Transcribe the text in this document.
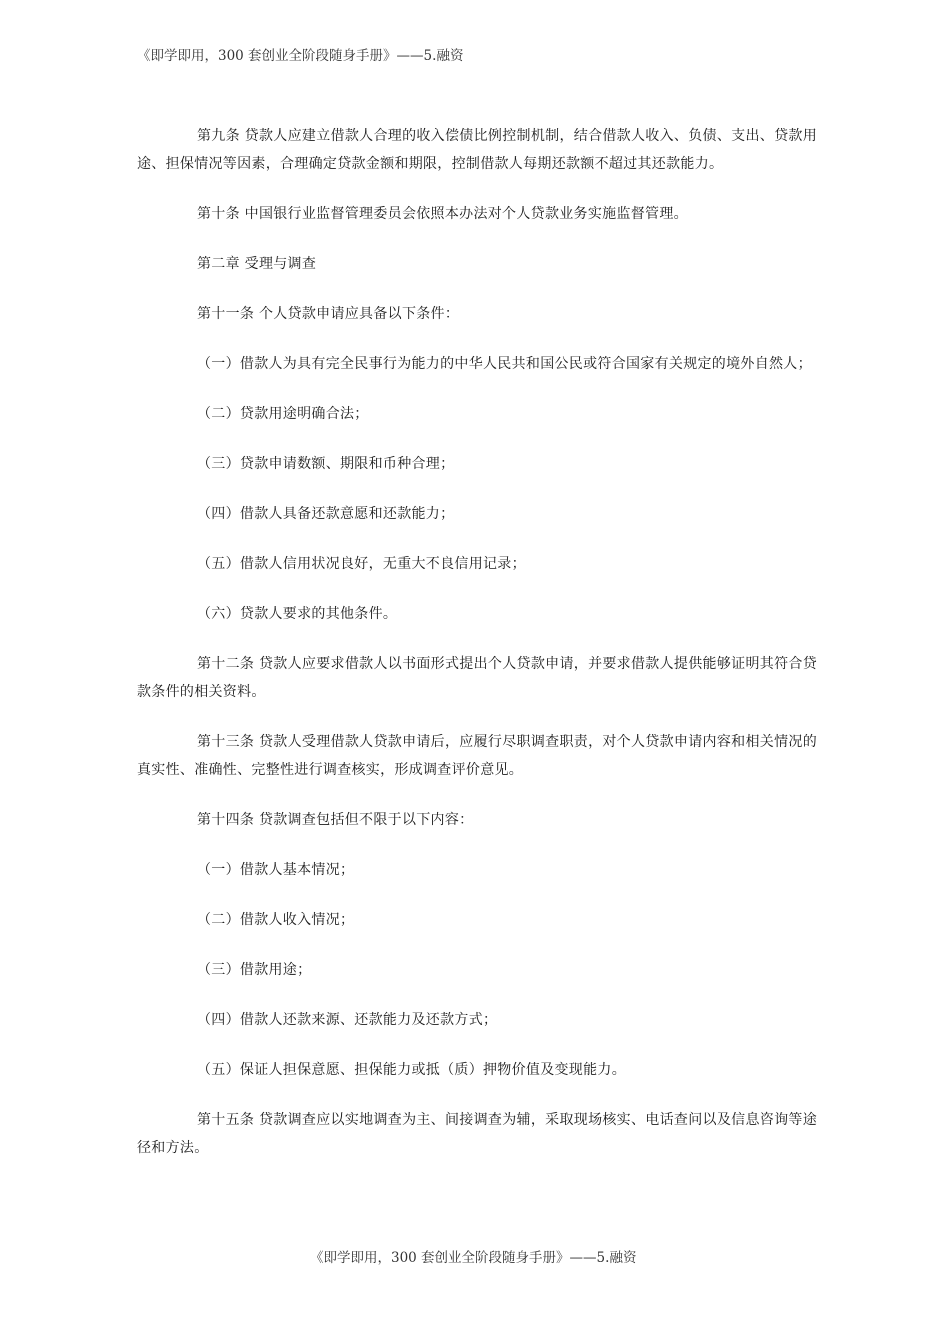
《即学即用，300 套创业全阶段随身手册》——5.融资

第九条 贷款人应建立借款人合理的收入偿债比例控制机制，结合借款人收入、负债、支出、贷款用途、担保情况等因素，合理确定贷款金额和期限，控制借款人每期还款额不超过其还款能力。

第十条 中国银行业监督管理委员会依照本办法对个人贷款业务实施监督管理。

第二章 受理与调查

第十一条 个人贷款申请应具备以下条件：

（一）借款人为具有完全民事行为能力的中华人民共和国公民或符合国家有关规定的境外自然人；

（二）贷款用途明确合法；

（三）贷款申请数额、期限和币种合理；

（四）借款人具备还款意愿和还款能力；

（五）借款人信用状况良好，无重大不良信用记录；

（六）贷款人要求的其他条件。

第十二条 贷款人应要求借款人以书面形式提出个人贷款申请，并要求借款人提供能够证明其符合贷款条件的相关资料。

第十三条 贷款人受理借款人贷款申请后，应履行尽职调查职责，对个人贷款申请内容和相关情况的真实性、准确性、完整性进行调查核实，形成调查评价意见。

第十四条 贷款调查包括但不限于以下内容：

（一）借款人基本情况；

（二）借款人收入情况；

（三）借款用途；

（四）借款人还款来源、还款能力及还款方式；

（五）保证人担保意愿、担保能力或抵（质）押物价值及变现能力。

第十五条 贷款调查应以实地调查为主、间接调查为辅，采取现场核实、电话查问以及信息咨询等途径和方法。

《即学即用，300 套创业全阶段随身手册》——5.融资
